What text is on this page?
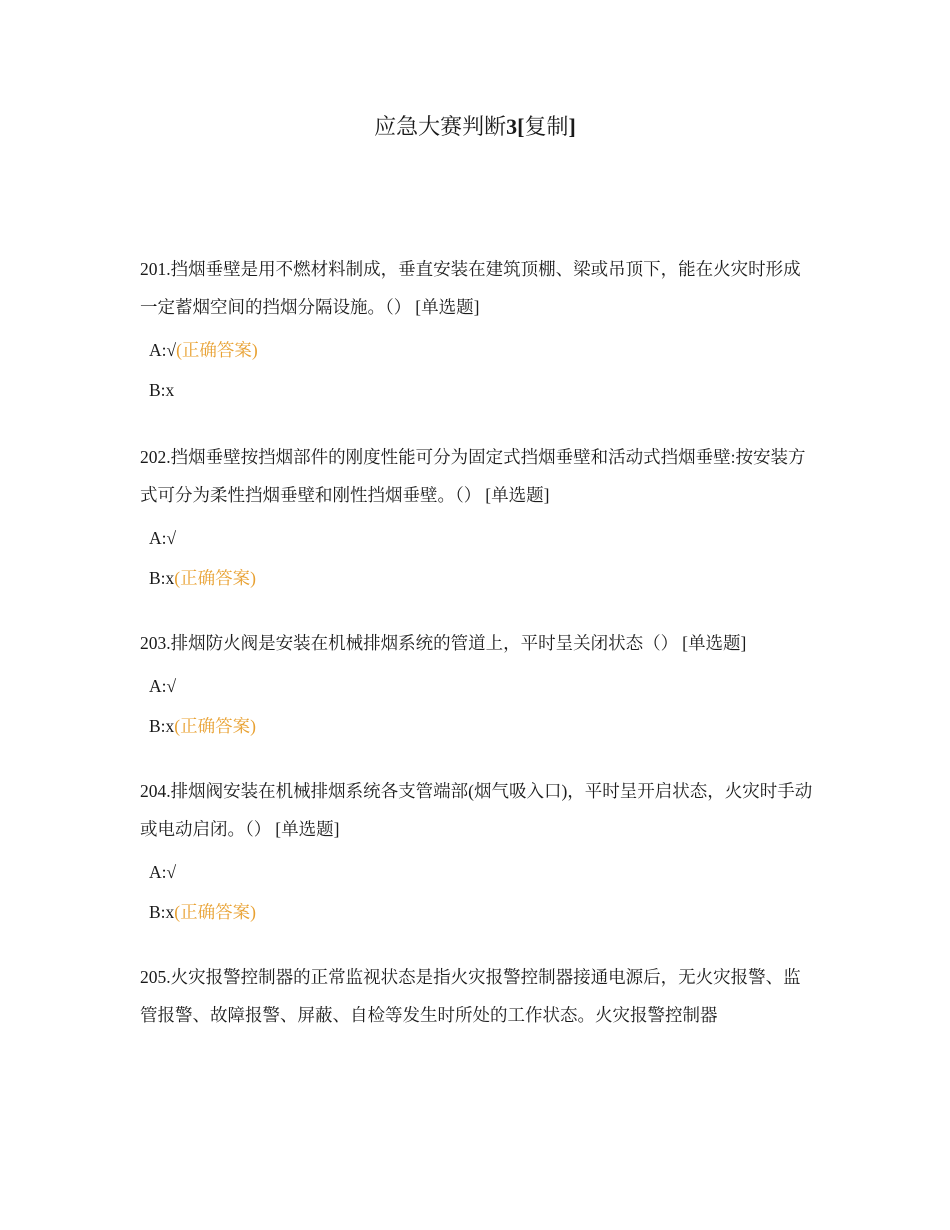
应急大赛判断3[复制]

201.挡烟垂壁是用不燃材料制成，垂直安装在建筑顶棚、梁或吊顶下，能在火灾时形成一定蓄烟空间的挡烟分隔设施。（） [单选题]

A:√(正确答案)
B:x

202.挡烟垂壁按挡烟部件的刚度性能可分为固定式挡烟垂壁和活动式挡烟垂壁:按安装方式可分为柔性挡烟垂壁和刚性挡烟垂壁。（） [单选题]

A:√
B:x(正确答案)

203.排烟防火阀是安装在机械排烟系统的管道上，平时呈关闭状态（） [单选题]

A:√
B:x(正确答案)

204.排烟阀安装在机械排烟系统各支管端部(烟气吸入口)，平时呈开启状态，火灾时手动或电动启闭。（） [单选题]

A:√
B:x(正确答案)

205.火灾报警控制器的正常监视状态是指火灾报警控制器接通电源后，无火灾报警、监管报警、故障报警、屏蔽、自检等发生时所处的工作状态。火灾报警控制器
